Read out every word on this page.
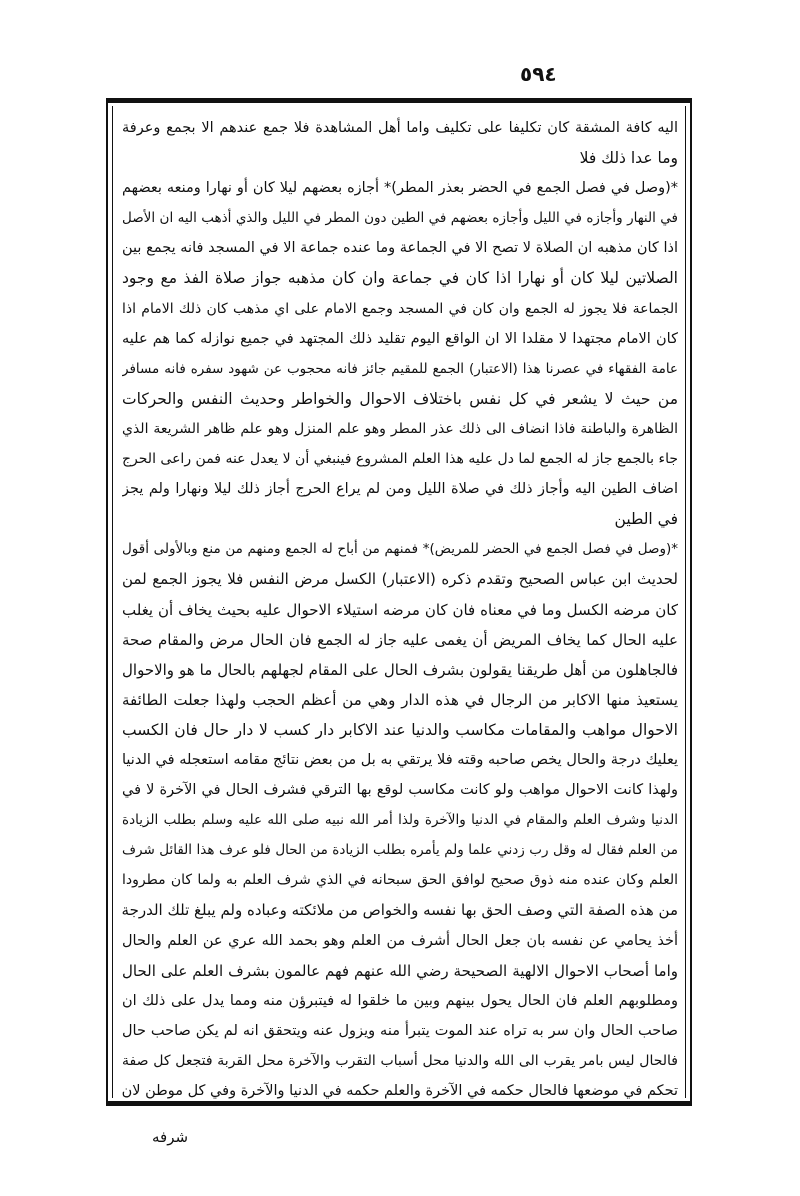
٥٩٤
اليه كافة المشقة كان تكليفا على تكليف واما أهل المشاهدة فلا جمع عندهم الا بجمع وعرفة
وما عدا ذلك فلا
*(وصل في فصل الجمع في الحضر بعذر المطر)* أجازه بعضهم ليلا كان أو نهارا ومنعه بعضهم
في النهار وأجازه في الليل وأجازه بعضهم في الطين دون المطر في الليل والذي أذهب اليه ان الأصل
اذا كان مذهبه ان الصلاة لا تصح الا في الجماعة وما عنده جماعة الا في المسجد فانه يجمع بين
الصلاتين ليلا كان أو نهارا اذا كان في جماعة وان كان مذهبه جواز صلاة الفذ مع وجود
الجماعة فلا يجوز له الجمع وان كان في المسجد وجمع الامام على اي مذهب كان ذلك الامام اذا
كان الامام مجتهدا لا مقلدا الا ان الواقع اليوم تقليد ذلك المجتهد في جميع نوازله كما هم عليه
عامة الفقهاء في عصرنا هذا (الاعتبار) الجمع للمقيم جائز فانه محجوب عن شهود سفره فانه مسافر
من حيث لا يشعر في كل نفس باختلاف الاحوال والخواطر وحديث النفس والحركات
الظاهرة والباطنة فاذا انضاف الى ذلك عذر المطر وهو علم المنزل وهو علم ظاهر الشريعة الذي
جاء بالجمع جاز له الجمع لما دل عليه هذا العلم المشروع فينبغي أن لا يعدل عنه فمن راعى الحرج
اضاف الطين اليه وأجاز ذلك في صلاة الليل ومن لم يراع الحرج أجاز ذلك ليلا ونهارا ولم يجز
في الطين
*(وصل في فصل الجمع في الحضر للمريض)* فمنهم من أباح له الجمع ومنهم من منع وبالأولى أقول
لحديث ابن عباس الصحيح وتقدم ذكره (الاعتبار) الكسل مرض النفس فلا يجوز الجمع لمن
كان مرضه الكسل وما في معناه فان كان مرضه استيلاء الاحوال عليه بحيث يخاف أن يغلب
عليه الحال كما يخاف المريض أن يغمى عليه جاز له الجمع فان الحال مرض والمقام صحة
فالجاهلون من أهل طريقنا يقولون بشرف الحال على المقام لجهلهم بالحال ما هو والاحوال
يستعيذ منها الاكابر من الرجال في هذه الدار وهي من أعظم الحجب ولهذا جعلت الطائفة
الاحوال مواهب والمقامات مكاسب والدنيا عند الاكابر دار كسب لا دار حال فان الكسب
يعليك درجة والحال يخص صاحبه وقته فلا يرتقي به بل من بعض نتائج مقامه استعجله في الدنيا
ولهذا كانت الاحوال مواهب ولو كانت مكاسب لوقع بها الترقي فشرف الحال في الآخرة لا في
الدنيا وشرف العلم والمقام في الدنيا والآخرة ولذا أمر الله نبيه صلى الله عليه وسلم بطلب الزيادة
من العلم فقال له وقل رب زدني علما ولم يأمره بطلب الزيادة من الحال فلو عرف هذا القائل شرف
العلم وكان عنده منه ذوق صحيح لوافق الحق سبحانه في الذي شرف العلم به ولما كان مطرودا
من هذه الصفة التي وصف الحق بها نفسه والخواص من ملائكته وعباده ولم يبلغ تلك الدرجة
أخذ يحامي عن نفسه بان جعل الحال أشرف من العلم وهو بحمد الله عري عن العلم والحال
واما أصحاب الاحوال الالهية الصحيحة رضي الله عنهم فهم عالمون بشرف العلم على الحال
ومطلوبهم العلم فان الحال يحول بينهم وبين ما خلقوا له فيتبرؤن منه ومما يدل على ذلك ان
صاحب الحال وان سر به تراه عند الموت يتبرأ منه ويزول عنه ويتحقق انه لم يكن صاحب حال
فالحال ليس بامر يقرب الى الله والدنيا محل أسباب التقرب والآخرة محل القربة فتجعل كل صفة
تحكم في موضعها فالحال حكمه في الآخرة والعلم حكمه في الدنيا والآخرة وفي كل موطن لان
شرفه
